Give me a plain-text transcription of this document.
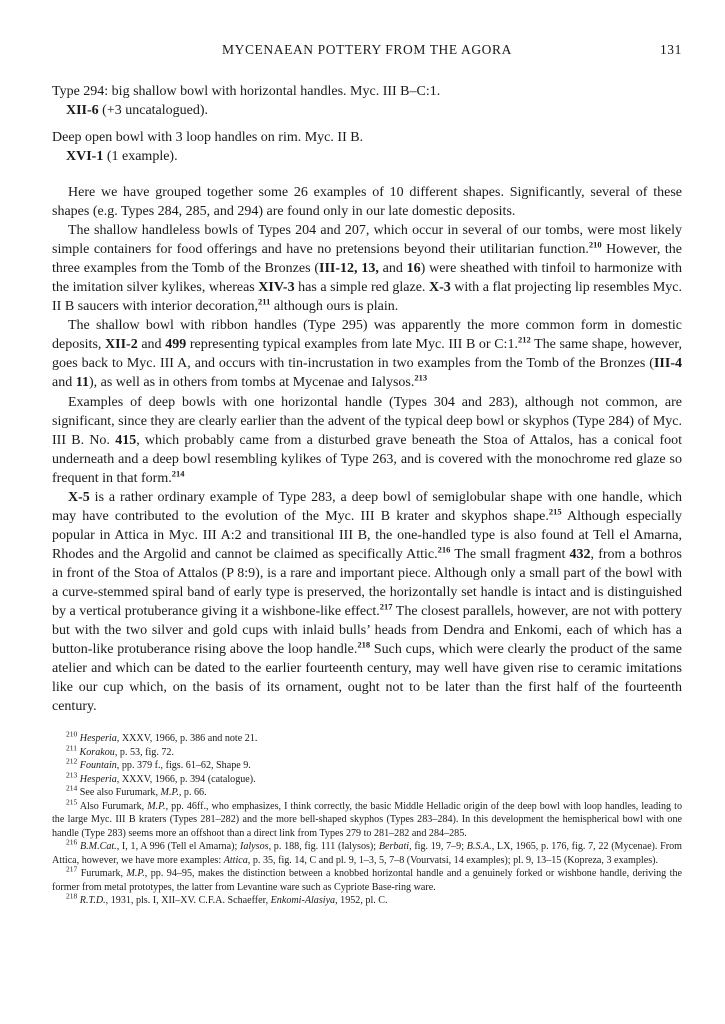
MYCENAEAN POTTERY FROM THE AGORA	131
Type 294: big shallow bowl with horizontal handles. Myc. III B–C:1.
XII-6 (+3 uncatalogued).
Deep open bowl with 3 loop handles on rim. Myc. II B.
XVI-1 (1 example).

Here we have grouped together some 26 examples of 10 different shapes. Significantly, several of these shapes (e.g. Types 284, 285, and 294) are found only in our late domestic deposits.

The shallow handleless bowls of Types 204 and 207, which occur in several of our tombs, were most likely simple containers for food offerings and have no pretensions beyond their utilitarian function.$^{210}$ However, the three examples from the Tomb of the Bronzes (III-12, 13, and 16) were sheathed with tinfoil to harmonize with the imitation silver kylikes, whereas XIV-3 has a simple red glaze. X-3 with a flat projecting lip resembles Myc. II B saucers with interior decoration,$^{211}$ although ours is plain.

The shallow bowl with ribbon handles (Type 295) was apparently the more common form in domestic deposits, XII-2 and 499 representing typical examples from late Myc. III B or C:1.$^{212}$ The same shape, however, goes back to Myc. III A, and occurs with tin-incrustation in two examples from the Tomb of the Bronzes (III-4 and 11), as well as in others from tombs at Mycenae and Ialysos.$^{213}$

Examples of deep bowls with one horizontal handle (Types 304 and 283), although not common, are significant, since they are clearly earlier than the advent of the typical deep bowl or skyphos (Type 284) of Myc. III B. No. 415, which probably came from a disturbed grave beneath the Stoa of Attalos, has a conical foot underneath and a deep bowl resembling kylikes of Type 263, and is covered with the monochrome red glaze so frequent in that form.$^{214}$

X-5 is a rather ordinary example of Type 283, a deep bowl of semiglobular shape with one handle, which may have contributed to the evolution of the Myc. III B krater and skyphos shape.$^{215}$ Although especially popular in Attica in Myc. III A:2 and transitional III B, the one-handled type is also found at Tell el Amarna, Rhodes and the Argolid and cannot be claimed as specifically Attic.$^{216}$ The small fragment 432, from a bothros in front of the Stoa of Attalos (P 8:9), is a rare and important piece. Although only a small part of the bowl with a curve-stemmed spiral band of early type is preserved, the horizontally set handle is intact and is distinguished by a vertical protuberance giving it a wishbone-like effect.$^{217}$ The closest parallels, however, are not with pottery but with the two silver and gold cups with inlaid bulls’ heads from Dendra and Enkomi, each of which has a button-like protuberance rising above the loop handle.$^{218}$ Such cups, which were clearly the product of the same atelier and which can be dated to the earlier fourteenth century, may well have given rise to ceramic imitations like our cup which, on the basis of its ornament, ought not to be later than the first half of the fourteenth century.

$^{210}$ Hesperia, XXXV, 1966, p. 386 and note 21.

$^{211}$ Korakou, p. 53, fig. 72.

$^{212}$ Fountain, pp. 379 f., figs. 61–62, Shape 9.

$^{213}$ Hesperia, XXXV, 1966, p. 394 (catalogue).

$^{214}$ See also Furumark, M.P., p. 66.

$^{215}$ Also Furumark, M.P., pp. 46ff., who emphasizes, I think correctly, the basic Middle Helladic origin of the deep bowl with loop handles, leading to the large Myc. III B kraters (Types 281–282) and the more bell-shaped skyphos (Types 283–284). In this development the hemispherical bowl with one handle (Type 283) seems more an offshoot than a direct link from Types 279 to 281–282 and 284–285.

$^{216}$ B.M.Cat., I, 1, A 996 (Tell el Amarna); Ialysos, p. 188, fig. 111 (Ialysos); Berbati, fig. 19, 7–9; B.S.A., LX, 1965, p. 176, fig. 7, 22 (Mycenae). From Attica, however, we have more examples: Attica, p. 35, fig. 14, C and pl. 9, 1–3, 5, 7–8 (Vourvatsi, 14 examples); pl. 9, 13–15 (Kopreza, 3 examples).

$^{217}$ Furumark, M.P., pp. 94–95, makes the distinction between a knobbed horizontal handle and a genuinely forked or wishbone handle, deriving the former from metal prototypes, the latter from Levantine ware such as Cypriote Base-ring ware.

$^{218}$ R.T.D., 1931, pls. I, XII–XV. C.F.A. Schaeffer, Enkomi-Alasiya, 1952, pl. C.
